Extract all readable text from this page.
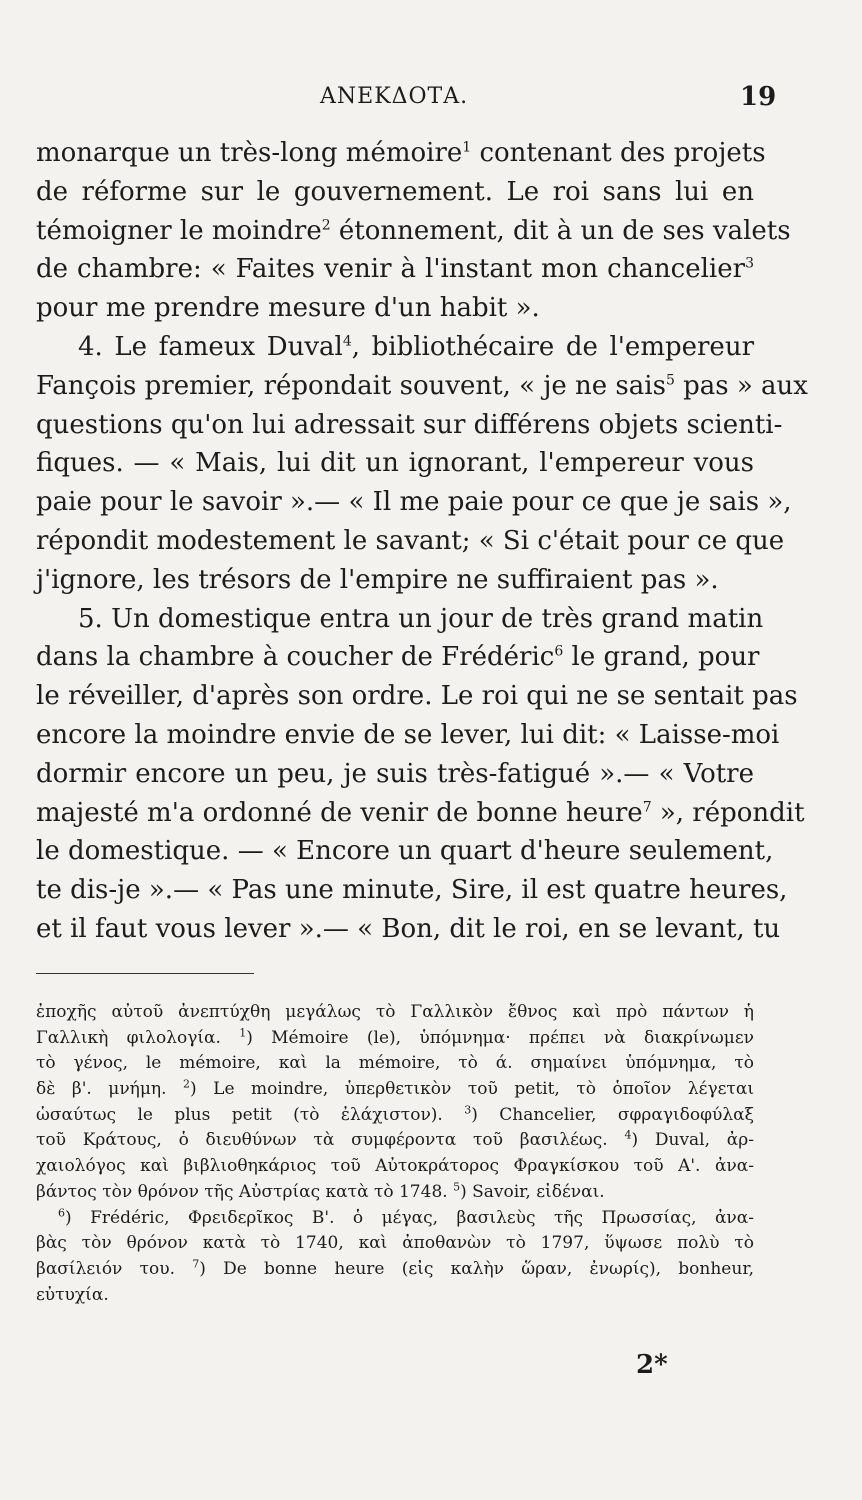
ΑΝΕΚΔΟΤΑ.	19
monarque un très-long mémoire$^1$ contenant des projets
de réforme sur le gouvernement. Le roi sans lui en
témoigner le moindre$^2$ étonnement, dit à un de ses valets
de chambre: « Faites venir à l'instant mon chancelier$^3$
pour me prendre mesure d'un habit ».
4. Le fameux Duval$^4$, bibliothécaire de l'empereur
Fançois premier, répondait souvent, « je ne sais$^5$ pas » aux
questions qu'on lui adressait sur différens objets scienti-
fiques. — « Mais, lui dit un ignorant, l'empereur vous
paie pour le savoir ».— « Il me paie pour ce que je sais »,
répondit modestement le savant; « Si c'était pour ce que
j'ignore, les trésors de l'empire ne suffiraient pas ».
5. Un domestique entra un jour de très grand matin
dans la chambre à coucher de Frédéric$^6$ le grand, pour
le réveiller, d'après son ordre. Le roi qui ne se sentait pas
encore la moindre envie de se lever, lui dit: « Laisse-moi
dormir encore un peu, je suis très-fatigué ».— « Votre
majesté m'a ordonné de venir de bonne heure$^7$ », répondit
le domestique. — « Encore un quart d'heure seulement,
te dis-je ».— « Pas une minute, Sire, il est quatre heures,
et il faut vous lever ».— « Bon, dit le roi, en se levant, tu
ἐποχῆς αὐτοῦ ἀνεπτύχθη μεγάλως τὸ Γαλλικὸν ἔθνος καὶ πρὸ πάντων ἡ
Γαλλικὴ φιλολογία. $^1$) Mémoire (le), ὑπόμνημα· πρέπει νὰ διακρίνωμεν
τὸ γένος, le mémoire, καὶ la mémoire, τὸ ά. σημαίνει ὑπόμνημα, τὸ
δὲ β'. μνήμη. $^2$) Le moindre, ὑπερθετικὸν τοῦ petit, τὸ ὁποῖον λέγεται
ὡσαύτως le plus petit (τὸ ἐλάχιστον). $^3$) Chancelier, σφραγιδοφύλαξ
τοῦ Κράτους, ὁ διευθύνων τὰ συμφέροντα τοῦ βασιλέως. $^4$) Duval, ἀρ-
χαιολόγος καὶ βιβλιοθηκάριος τοῦ Αὐτοκράτορος Φραγκίσκου τοῦ Α'. ἀνα-
βάντος τὸν θρόνον τῆς Αὐστρίας κατὰ τὸ 1748. $^5$) Savoir, εἰδέναι.
$^6$) Frédéric, Φρειδερῖκος Β'. ὁ μέγας, βασιλεὺς τῆς Πρωσσίας, ἀνα-
βὰς τὸν θρόνον κατὰ τὸ 1740, καὶ ἀποθανὼν τὸ 1797, ὕψωσε πολὺ τὸ
βασίλειόν του. $^7$) De bonne heure (εἰς καλὴν ὥραν, ἐνωρίς), bonheur,
εὐτυχία.
2*
